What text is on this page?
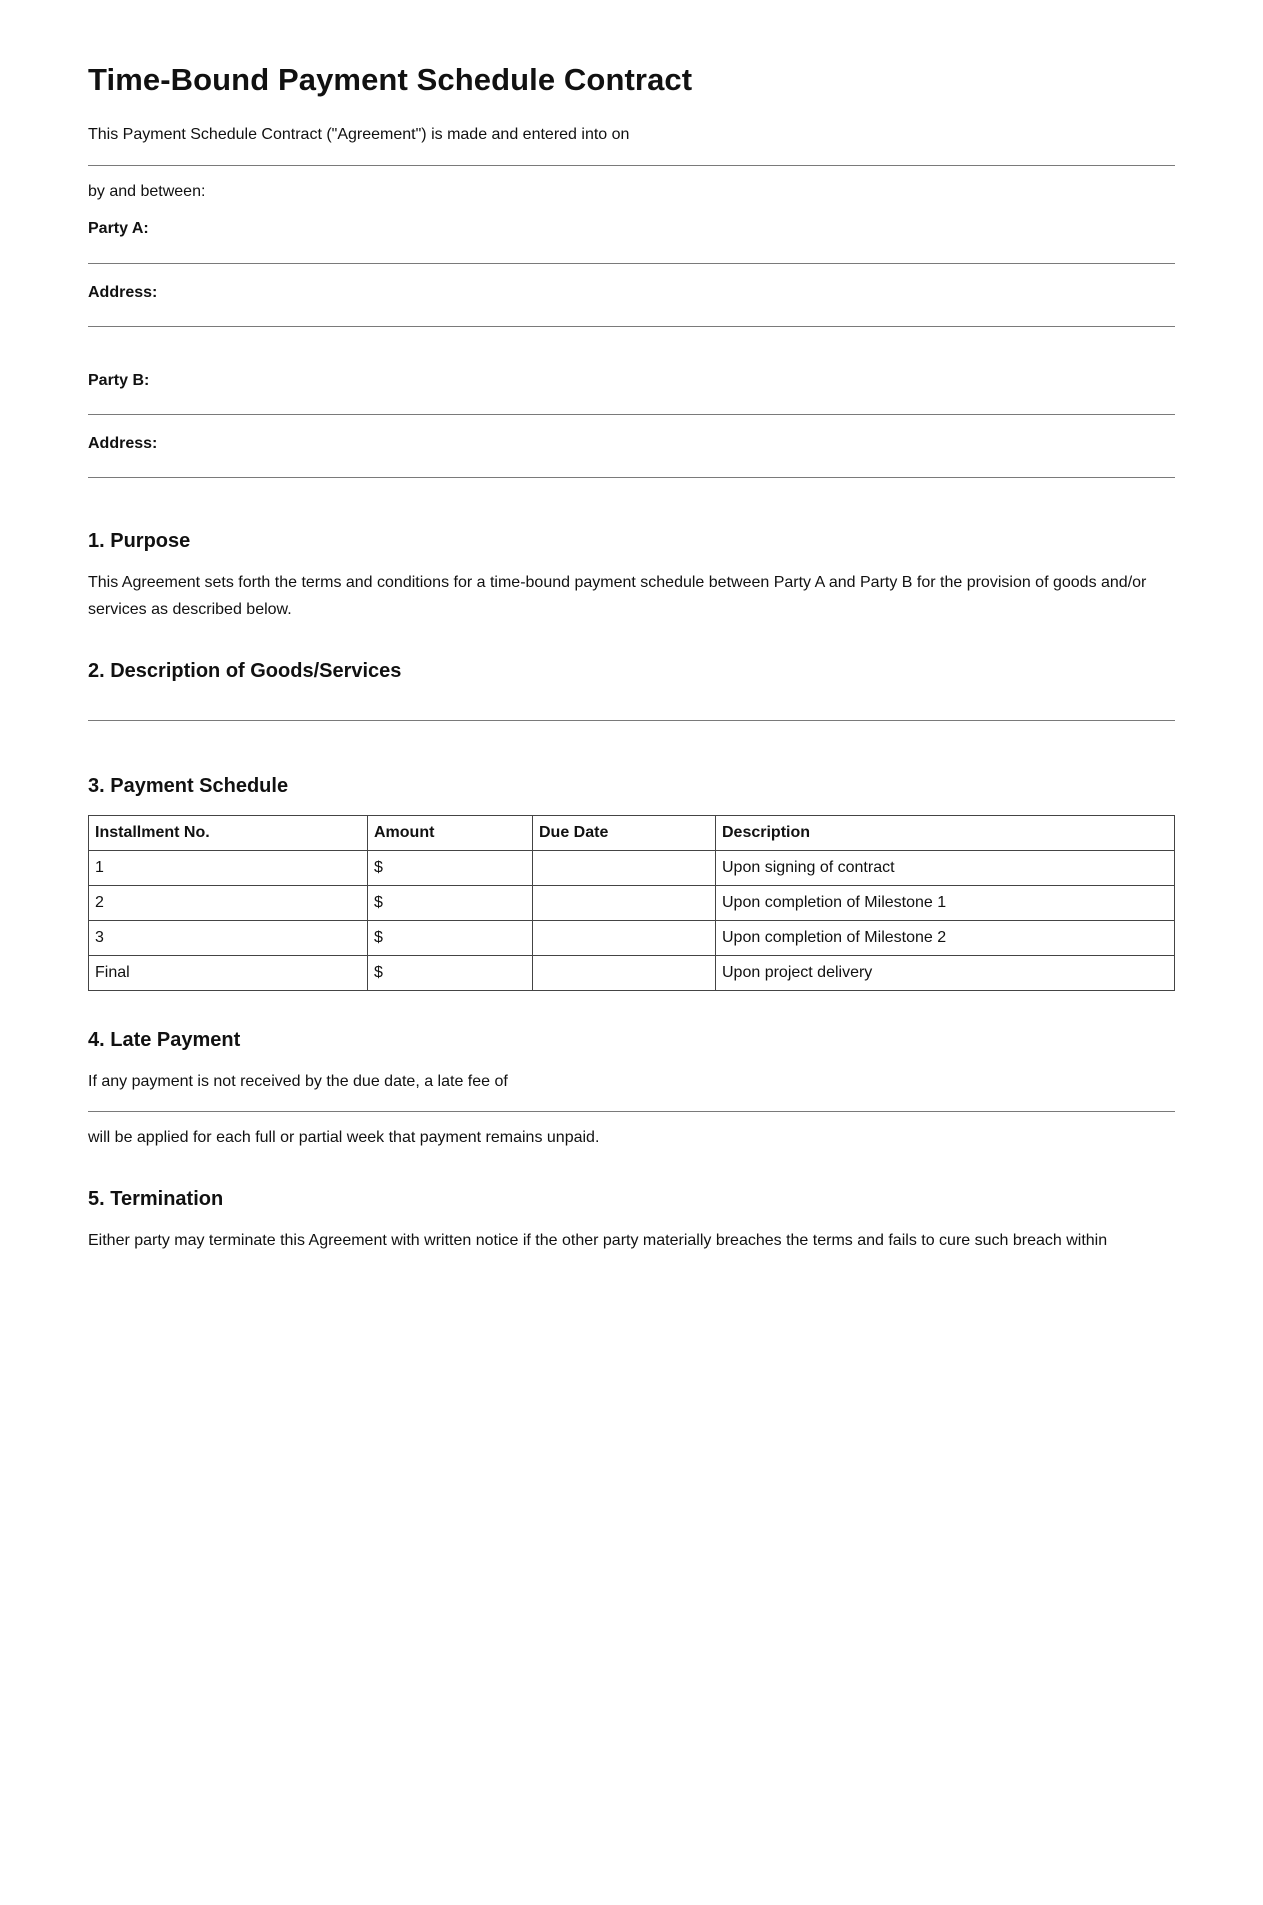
Time-Bound Payment Schedule Contract

This Payment Schedule Contract ("Agreement") is made and entered into on

by and between:

Party A:
Address:
Party B:
Address:
1. Purpose

This Agreement sets forth the terms and conditions for a time-bound payment schedule between Party A and Party B for the provision of goods and/or services as described below.

2. Description of Goods/Services
3. Payment Schedule
Installment No.	Amount	Due Date	Description
1	$		Upon signing of contract
2	$		Upon completion of Milestone 1
3	$		Upon completion of Milestone 2
Final	$		Upon project delivery
4. Late Payment

If any payment is not received by the due date, a late fee of

will be applied for each full or partial week that payment remains unpaid.

5. Termination

Either party may terminate this Agreement with written notice if the other party materially breaches the terms and fails to cure such breach within
